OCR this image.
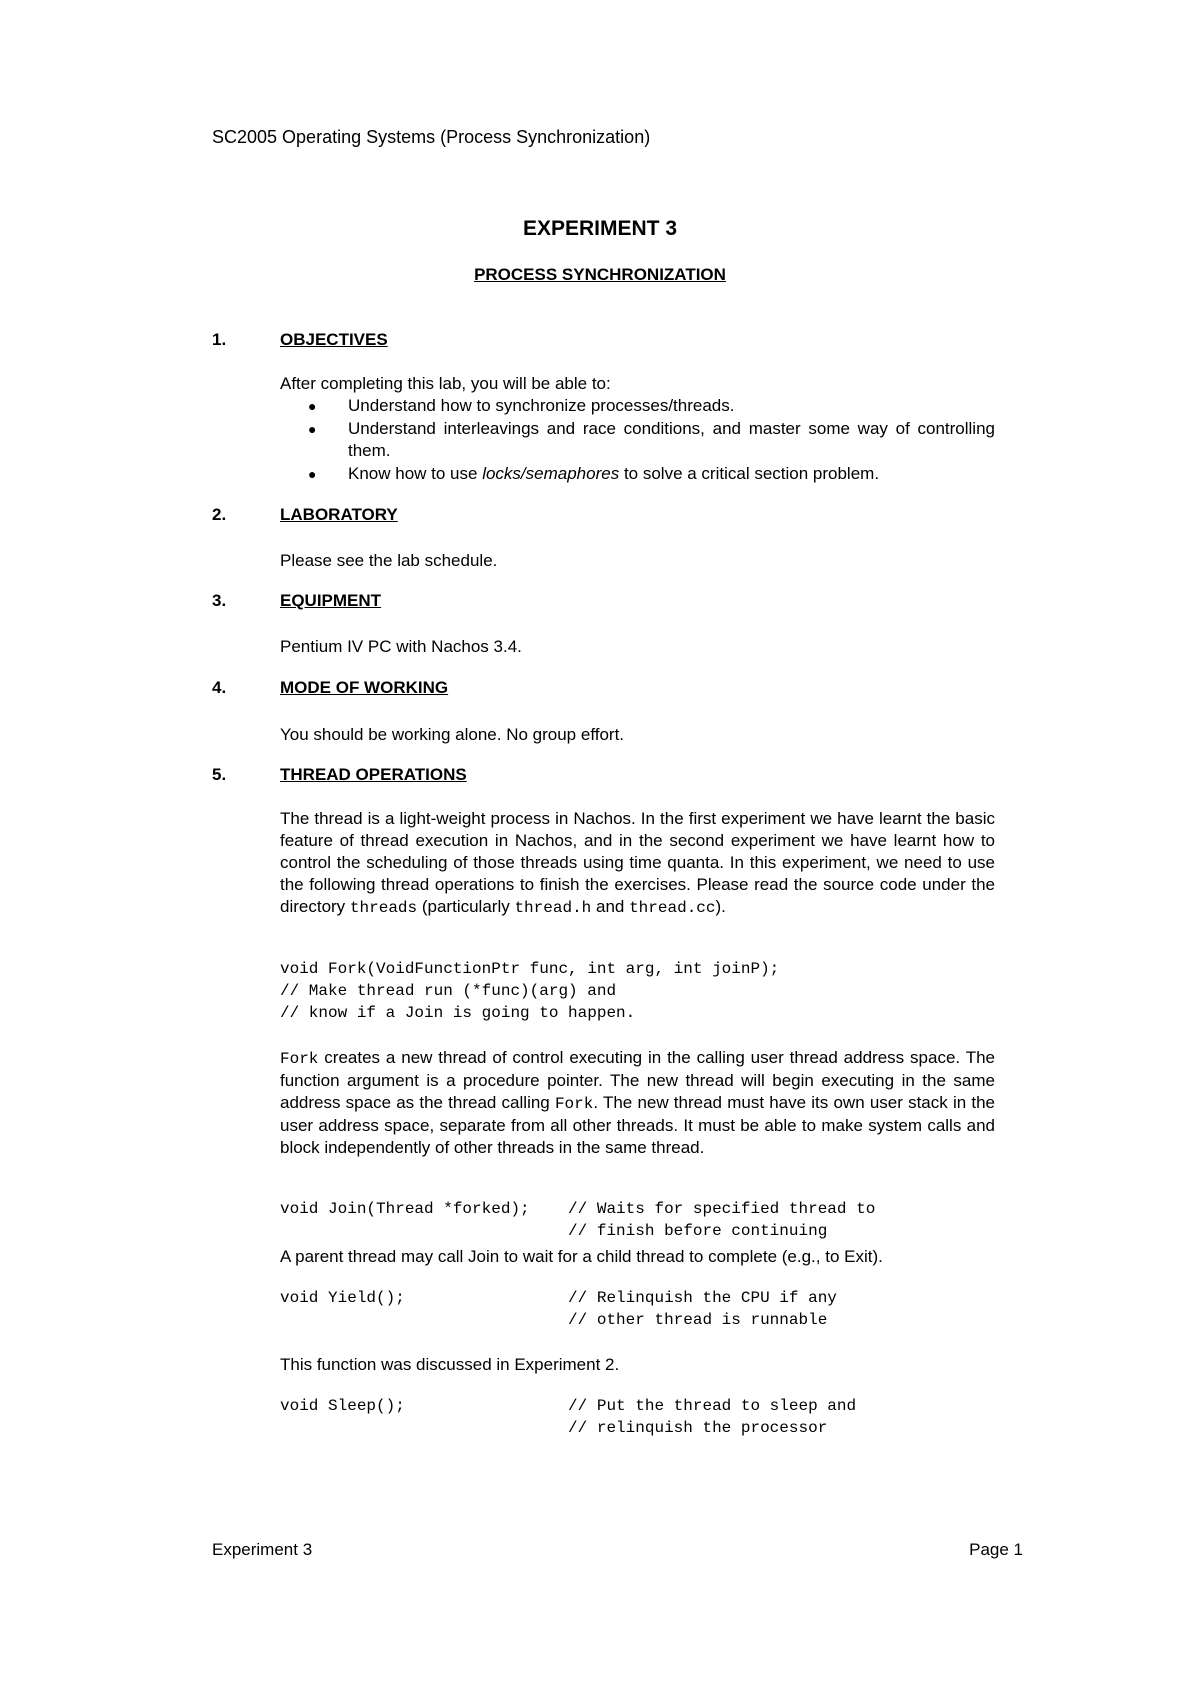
SC2005 Operating Systems (Process Synchronization)
EXPERIMENT 3
PROCESS SYNCHRONIZATION
1.	OBJECTIVES
After completing this lab, you will be able to:
● Understand how to synchronize processes/threads.
● Understand interleavings and race conditions, and master some way of controlling them.
● Know how to use locks/semaphores to solve a critical section problem.
2.	LABORATORY
Please see the lab schedule.
3.	EQUIPMENT
Pentium IV PC with Nachos 3.4.
4.	MODE OF WORKING
You should be working alone. No group effort.
5.	THREAD OPERATIONS
The thread is a light-weight process in Nachos. In the first experiment we have learnt the basic feature of thread execution in Nachos, and in the second experiment we have learnt how to control the scheduling of those threads using time quanta. In this experiment, we need to use the following thread operations to finish the exercises. Please read the source code under the directory threads (particularly thread.h and thread.cc).
void Fork(VoidFunctionPtr func, int arg, int joinP);
// Make thread run (*func)(arg) and
// know if a Join is going to happen.
Fork creates a new thread of control executing in the calling user thread address space. The function argument is a procedure pointer. The new thread will begin executing in the same address space as the thread calling Fork. The new thread must have its own user stack in the user address space, separate from all other threads. It must be able to make system calls and block independently of other threads in the same thread.
void Join(Thread *forked);    // Waits for specified thread to
// finish before continuing
A parent thread may call Join to wait for a child thread to complete (e.g., to Exit).
void Yield();                 // Relinquish the CPU if any
// other thread is runnable
This function was discussed in Experiment 2.
void Sleep();                 // Put the thread to sleep and
// relinquish the processor
Experiment 3	Page 1
